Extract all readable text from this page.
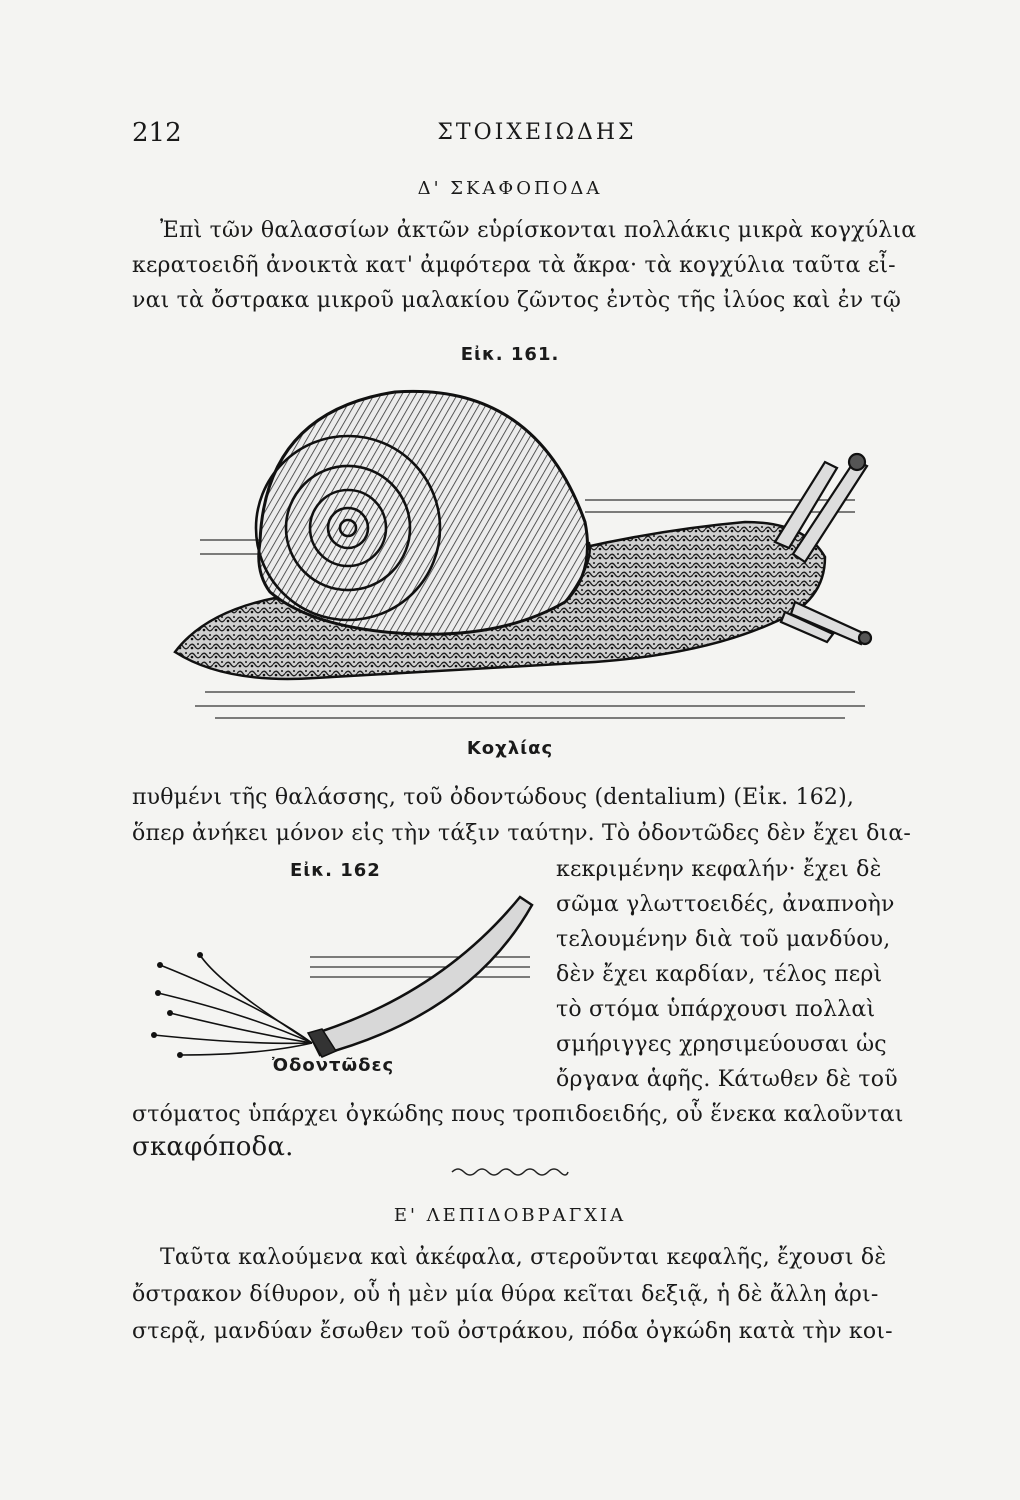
212	ΣΤΟΙΧΕΙΩΔΗΣ
Δ' ΣΚΑΦΟΠΟΔΑ
Ἐπὶ τῶν θαλασσίων ἀκτῶν εὑρίσκονται πολλάκις μικρὰ κογχύλια
κερατοειδῆ ἀνοικτὰ κατ' ἀμφότερα τὰ ἄκρα· τὰ κογχύλια ταῦτα εἶ-
ναι τὰ ὄστρακα μικροῦ μαλακίου ζῶντος ἐντὸς τῆς ἰλύος καὶ ἐν τῷ
Εἰκ. 161.
Κοχλίας
πυθμένι τῆς θαλάσσης, τοῦ ὀδοντώδους (dentalium) (Εἰκ. 162),
ὅπερ ἀνήκει μόνον εἰς τὴν τάξιν ταύτην. Τὸ ὀδοντῶδες δὲν ἔχει δια-
Εἰκ. 162
Ὀδοντῶδες
κεκριμένην κεφαλήν· ἔχει δὲ
σῶμα γλωττοειδές, ἀναπνοὴν
τελουμένην διὰ τοῦ μανδύου,
δὲν ἔχει καρδίαν, τέλος περὶ
τὸ στόμα ὑπάρχουσι πολλαὶ
σμήριγγες χρησιμεύουσαι ὡς
ὄργανα ἁφῆς. Κάτωθεν δὲ τοῦ
στόματος ὑπάρχει ὀγκώδης πους τροπιδοειδής, οὗ ἕνεκα καλοῦνται
σκαφόποδα.
Ε' ΛΕΠΙΔΟΒΡΑΓΧΙΑ
Ταῦτα καλούμενα καὶ ἀκέφαλα, στεροῦνται κεφαλῆς, ἔχουσι δὲ
ὄστρακον δίθυρον, οὗ ἡ μὲν μία θύρα κεῖται δεξιᾷ, ἡ δὲ ἄλλη ἀρι-
στερᾷ, μανδύαν ἔσωθεν τοῦ ὀστράκου, πόδα ὀγκώδη κατὰ τὴν κοι-
